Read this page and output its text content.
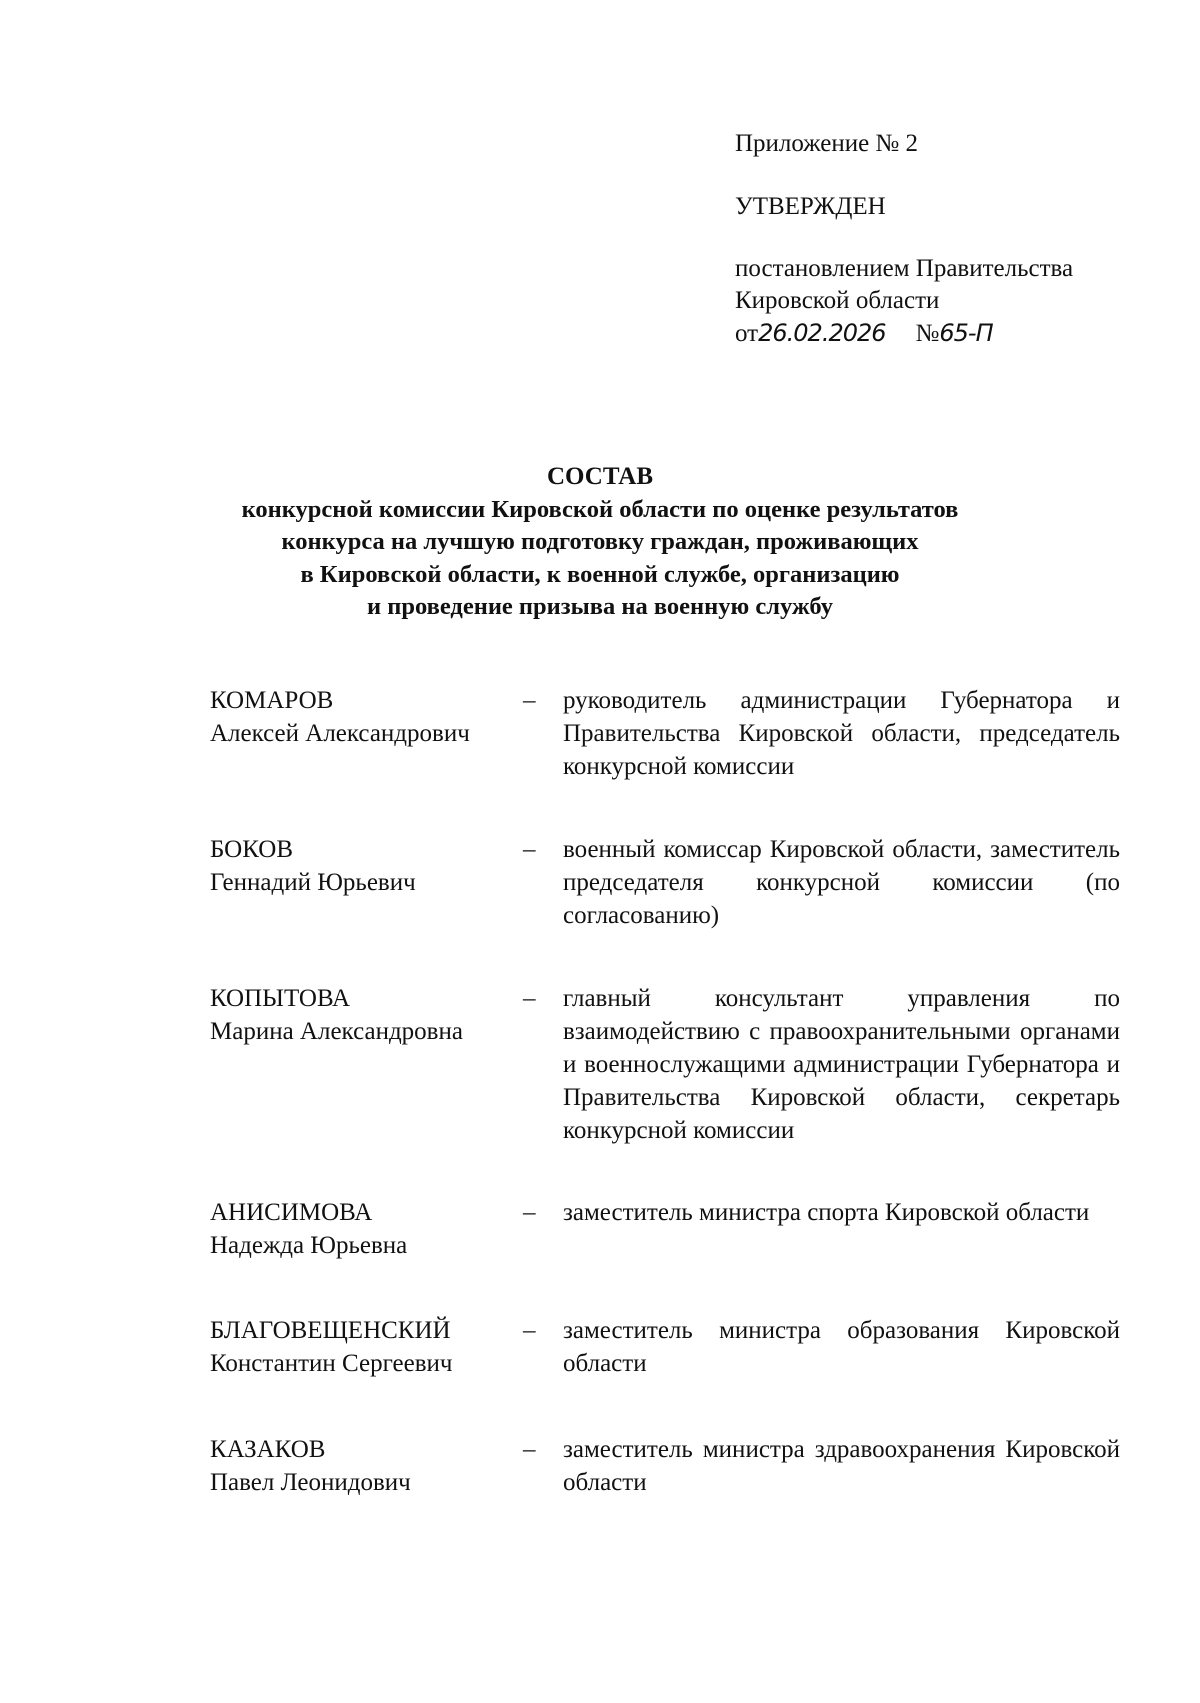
Приложение № 2
УТВЕРЖДЕН
постановлением Правительства
Кировской области
от26.02.2026 №65-П
СОСТАВ
конкурсной комиссии Кировской области по оценке результатов
конкурса на лучшую подготовку граждан, проживающих
в Кировской области, к военной службе, организацию
и проведение призыва на военную службу
КОМАРОВ
Алексей Александрович
– руководитель администрации Губернатора и Правительства Кировской области, председатель конкурсной комиссии
БОКОВ
Геннадий Юрьевич
– военный комиссар Кировской области, заместитель председателя конкурсной комиссии (по согласованию)
КОПЫТОВА
Марина Александровна
– главный консультант управления по взаимодействию с правоохранительными органами и военнослужащими администрации Губернатора и Правительства Кировской области, секретарь конкурсной комиссии
АНИСИМОВА
Надежда Юрьевна
– заместитель министра спорта Кировской области
БЛАГОВЕЩЕНСКИЙ
Константин Сергеевич
– заместитель министра образования Кировской области
КАЗАКОВ
Павел Леонидович
– заместитель министра здравоохранения Кировской области
